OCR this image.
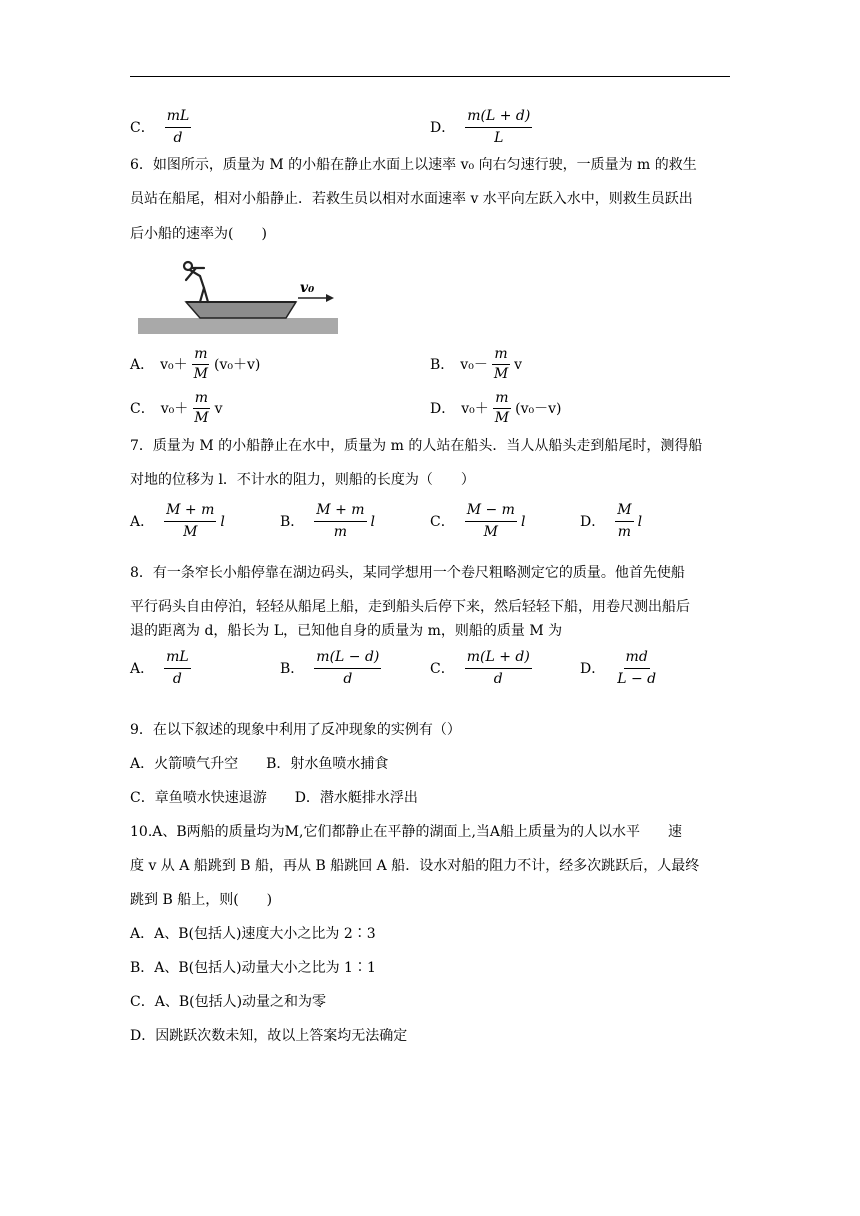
C． $\frac{mL}{d}$	D． $\frac{m(L + d)}{L}$
6．如图所示，质量为 M 的小船在静止水面上以速率 v₀ 向右匀速行驶，一质量为 m 的救生
员站在船尾，相对小船静止．若救生员以相对水面速率 v 水平向左跃入水中，则救生员跃出
后小船的速率为(　　)
v₀
A． $v_0+ \frac{m}{M} (v_0+v)$	B． $v_0- \frac{m}{M}$ v
C． $v_0+ \frac{m}{M}$ v	D． $v_0+ \frac{m}{M} (v_0-v)$
7．质量为 M 的小船静止在水中，质量为 m 的人站在船头．当人从船头走到船尾时，测得船
对地的位移为 l．不计水的阻力，则船的长度为（　　）
A． $\frac{M + m}{M}$ l	B． $\frac{M + m}{m}$ l	C． $\frac{M - m}{M}$ l	D． $\frac{M}{m}$ l
8．有一条窄长小船停靠在湖边码头，某同学想用一个卷尺粗略测定它的质量。他首先使船
平行码头自由停泊，轻轻从船尾上船，走到船头后停下来，然后轻轻下船，用卷尺测出船后
退的距离为 d，船长为 L，已知他自身的质量为 m，则船的质量 M 为
A． $\frac{mL}{d}$	B． $\frac{m(L - d)}{d}$	C． $\frac{m(L + d)}{d}$	D． $\frac{md}{L - d}$
9．在以下叙述的现象中利用了反冲现象的实例有（）
A．火箭喷气升空　　B．射水鱼喷水捕食
C．章鱼喷水快速退游　　D．潜水艇排水浮出
10.A、B两船的质量均为M,它们都静止在平静的湖面上,当A船上质量为的人以水平　　速
度 v 从 A 船跳到 B 船，再从 B 船跳回 A 船．设水对船的阻力不计，经多次跳跃后，人最终
跳到 B 船上，则(　　)
A．A、B(包括人)速度大小之比为 2∶3
B．A、B(包括人)动量大小之比为 1∶1
C．A、B(包括人)动量之和为零
D．因跳跃次数未知，故以上答案均无法确定
